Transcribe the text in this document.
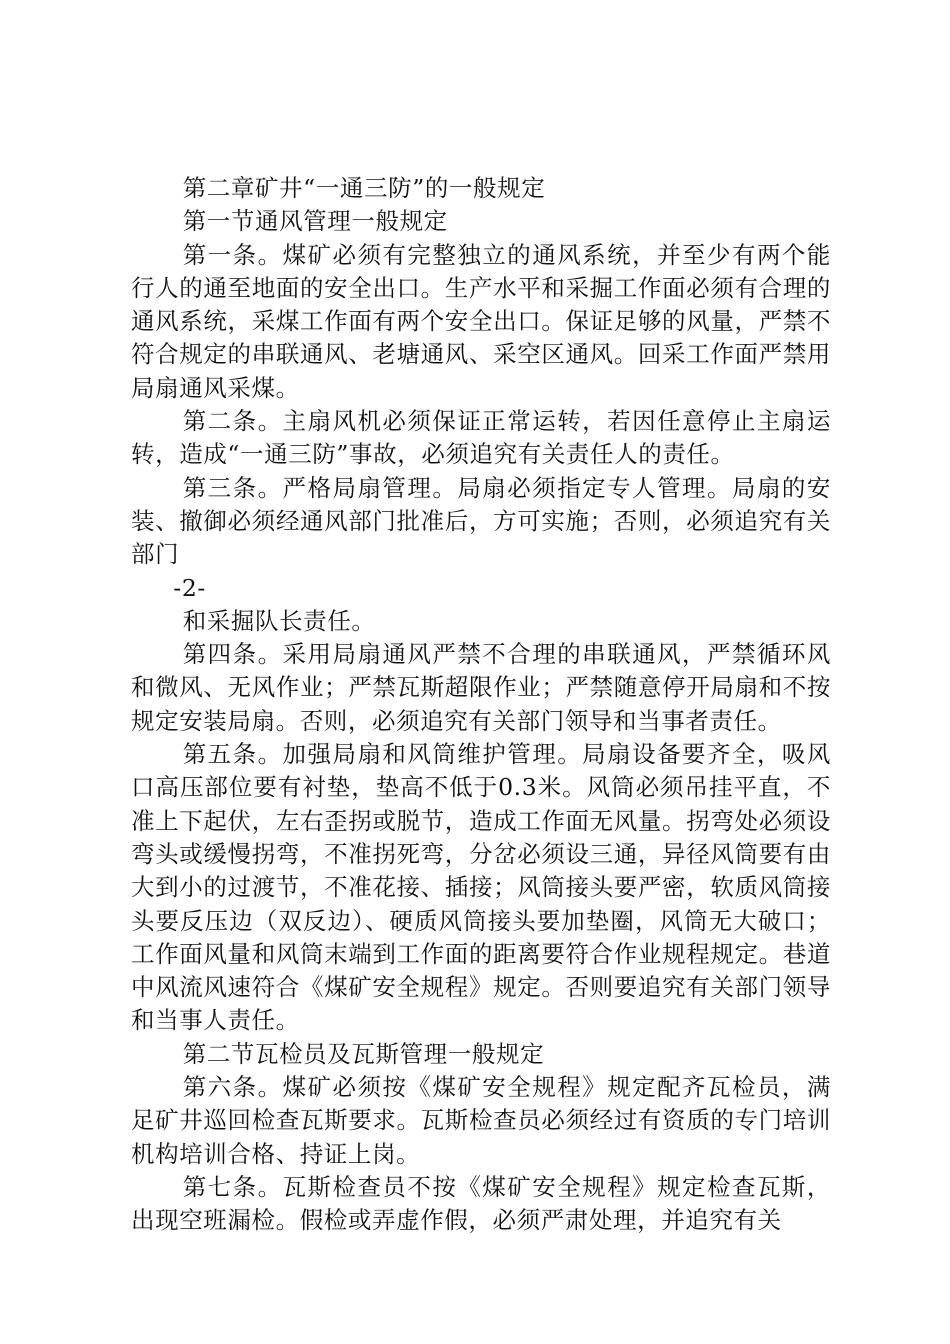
第二章矿井“一通三防”的一般规定

第一节通风管理一般规定

第一条。煤矿必须有完整独立的通风系统，并至少有两个能行人的通至地面的安全出口。生产水平和采掘工作面必须有合理的通风系统，采煤工作面有两个安全出口。保证足够的风量，严禁不符合规定的串联通风、老塘通风、采空区通风。回采工作面严禁用局扇通风采煤。

第二条。主扇风机必须保证正常运转，若因任意停止主扇运转，造成“一通三防”事故，必须追究有关责任人的责任。

第三条。严格局扇管理。局扇必须指定专人管理。局扇的安装、撤御必须经通风部门批准后，方可实施；否则，必须追究有关部门

-2-

和采掘队长责任。

第四条。采用局扇通风严禁不合理的串联通风，严禁循环风和微风、无风作业；严禁瓦斯超限作业；严禁随意停开局扇和不按规定安装局扇。否则，必须追究有关部门领导和当事者责任。

第五条。加强局扇和风筒维护管理。局扇设备要齐全，吸风口高压部位要有衬垫，垫高不低于0.3米。风筒必须吊挂平直，不准上下起伏，左右歪拐或脱节，造成工作面无风量。拐弯处必须设弯头或缓慢拐弯，不准拐死弯，分岔必须设三通，异径风筒要有由大到小的过渡节，不准花接、插接；风筒接头要严密，软质风筒接头要反压边（双反边）、硬质风筒接头要加垫圈，风筒无大破口；工作面风量和风筒末端到工作面的距离要符合作业规程规定。巷道中风流风速符合《煤矿安全规程》规定。否则要追究有关部门领导和当事人责任。

第二节瓦检员及瓦斯管理一般规定

第六条。煤矿必须按《煤矿安全规程》规定配齐瓦检员，满足矿井巡回检查瓦斯要求。瓦斯检查员必须经过有资质的专门培训机构培训合格、持证上岗。

第七条。瓦斯检查员不按《煤矿安全规程》规定检查瓦斯，出现空班漏检。假检或弄虚作假，必须严肃处理，并追究有关
